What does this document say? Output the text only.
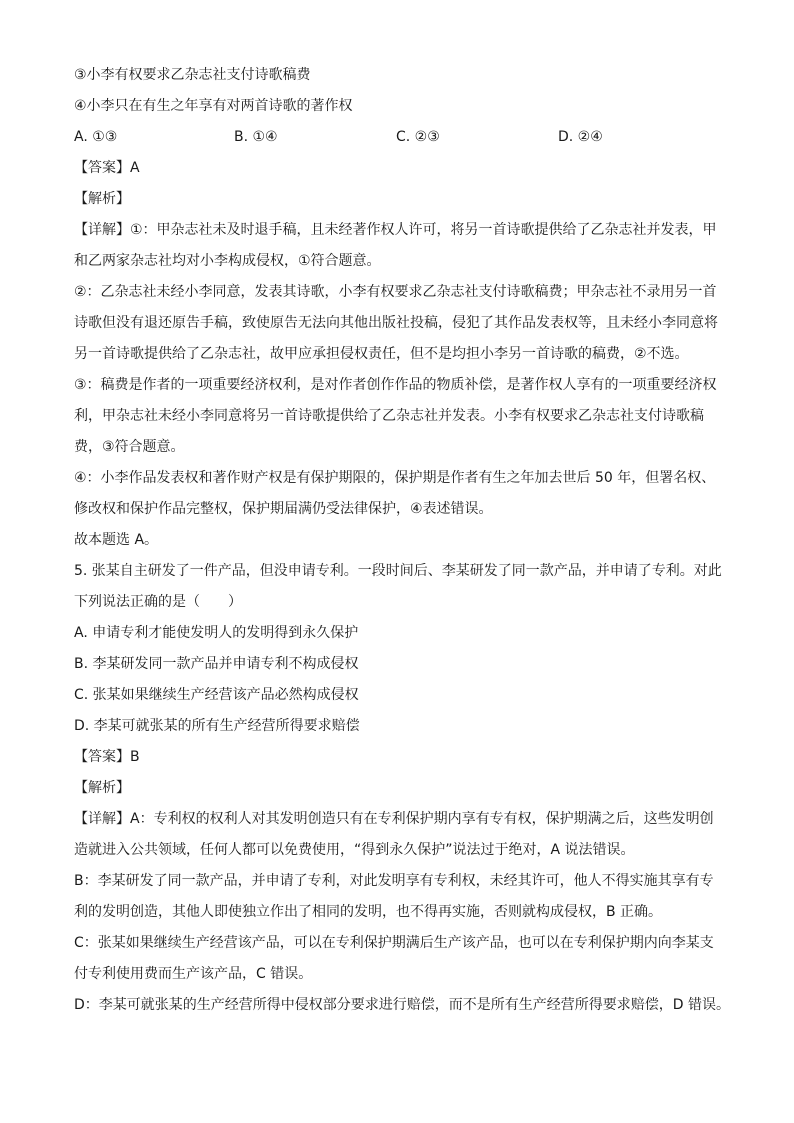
③小李有权要求乙杂志社支付诗歌稿费
④小李只在有生之年享有对两首诗歌的著作权
A. ①③	B. ①④	C. ②③	D. ②④
【答案】A
【解析】
【详解】①：甲杂志社未及时退手稿，且未经著作权人许可，将另一首诗歌提供给了乙杂志社并发表，甲
和乙两家杂志社均对小李构成侵权，①符合题意。
②：乙杂志社未经小李同意，发表其诗歌，小李有权要求乙杂志社支付诗歌稿费；甲杂志社不录用另一首
诗歌但没有退还原告手稿，致使原告无法向其他出版社投稿，侵犯了其作品发表权等，且未经小李同意将
另一首诗歌提供给了乙杂志社，故甲应承担侵权责任，但不是均担小李另一首诗歌的稿费，②不选。
③：稿费是作者的一项重要经济权利，是对作者创作作品的物质补偿，是著作权人享有的一项重要经济权
利，甲杂志社未经小李同意将另一首诗歌提供给了乙杂志社并发表。小李有权要求乙杂志社支付诗歌稿
费，③符合题意。
④：小李作品发表权和著作财产权是有保护期限的，保护期是作者有生之年加去世后 50 年，但署名权、
修改权和保护作品完整权，保护期届满仍受法律保护，④表述错误。
故本题选 A。
5. 张某自主研发了一件产品，但没申请专利。一段时间后、李某研发了同一款产品，并申请了专利。对此
下列说法正确的是（　　）
A. 申请专利才能使发明人的发明得到永久保护
B. 李某研发同一款产品并申请专利不构成侵权
C. 张某如果继续生产经营该产品必然构成侵权
D. 李某可就张某的所有生产经营所得要求赔偿
【答案】B
【解析】
【详解】A：专利权的权利人对其发明创造只有在专利保护期内享有专有权，保护期满之后，这些发明创
造就进入公共领域，任何人都可以免费使用，“得到永久保护”说法过于绝对，A 说法错误。
B：李某研发了同一款产品，并申请了专利，对此发明享有专利权，未经其许可，他人不得实施其享有专
利的发明创造，其他人即使独立作出了相同的发明，也不得再实施，否则就构成侵权，B 正确。
C：张某如果继续生产经营该产品，可以在专利保护期满后生产该产品，也可以在专利保护期内向李某支
付专利使用费而生产该产品，C 错误。
D：李某可就张某的生产经营所得中侵权部分要求进行赔偿，而不是所有生产经营所得要求赔偿，D 错误。
